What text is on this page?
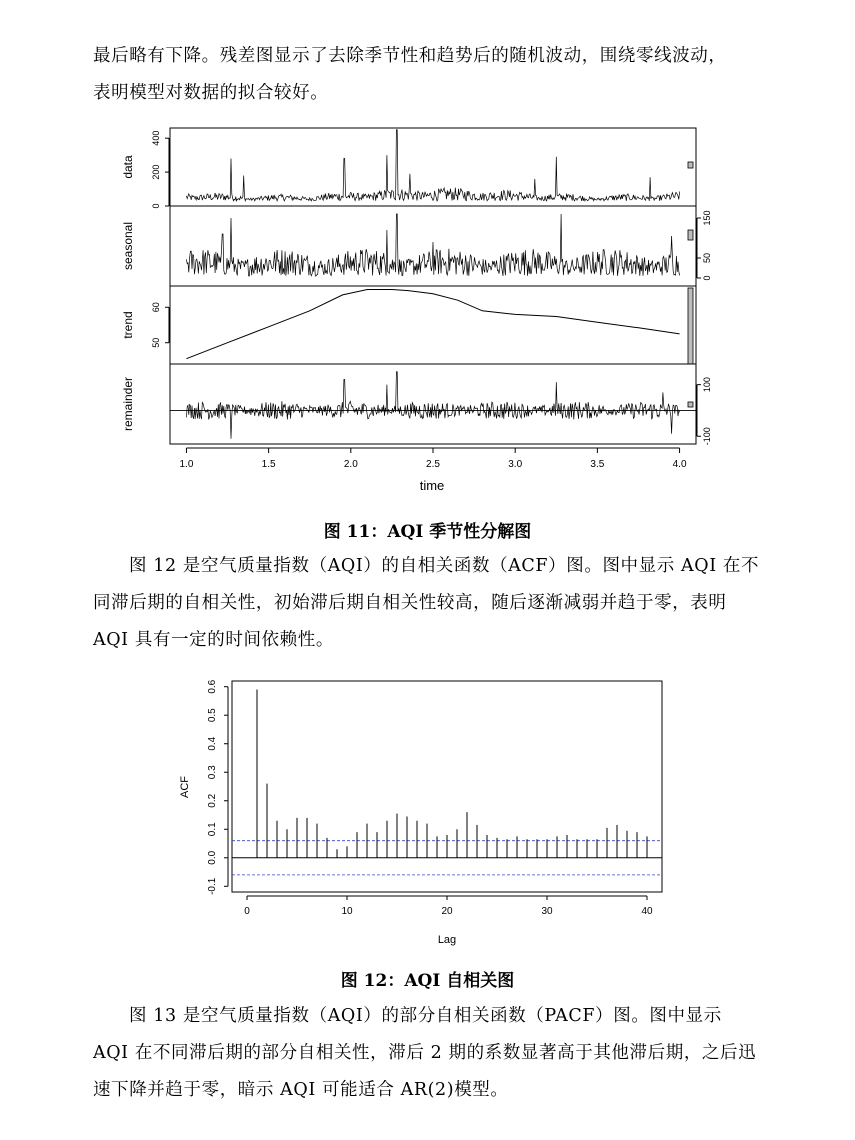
最后略有下降。残差图显示了去除季节性和趋势后的随机波动，围绕零线波动，
表明模型对数据的拟合较好。
data
0
200
400
seasonal
0
50
150
trend
50
60
remainder
-100
100
1.0	1.5	2.0	2.5	3.0	3.5	4.0
time
图 11：AQI 季节性分解图
图 12 是空气质量指数（AQI）的自相关函数（ACF）图。图中显示 AQI 在不同滞后期的自相关性，初始滞后期自相关性较高，随后逐渐减弱并趋于零，表明 AQI 具有一定的时间依赖性。
-0.1
0.0
0.1
0.2
0.3
0.4
0.5
0.6
0	10	20	30	40
ACF
Lag
图 12：AQI 自相关图
图 13 是空气质量指数（AQI）的部分自相关函数（PACF）图。图中显示 AQI 在不同滞后期的部分自相关性，滞后 2 期的系数显著高于其他滞后期，之后迅速下降并趋于零，暗示 AQI 可能适合 AR(2)模型。
